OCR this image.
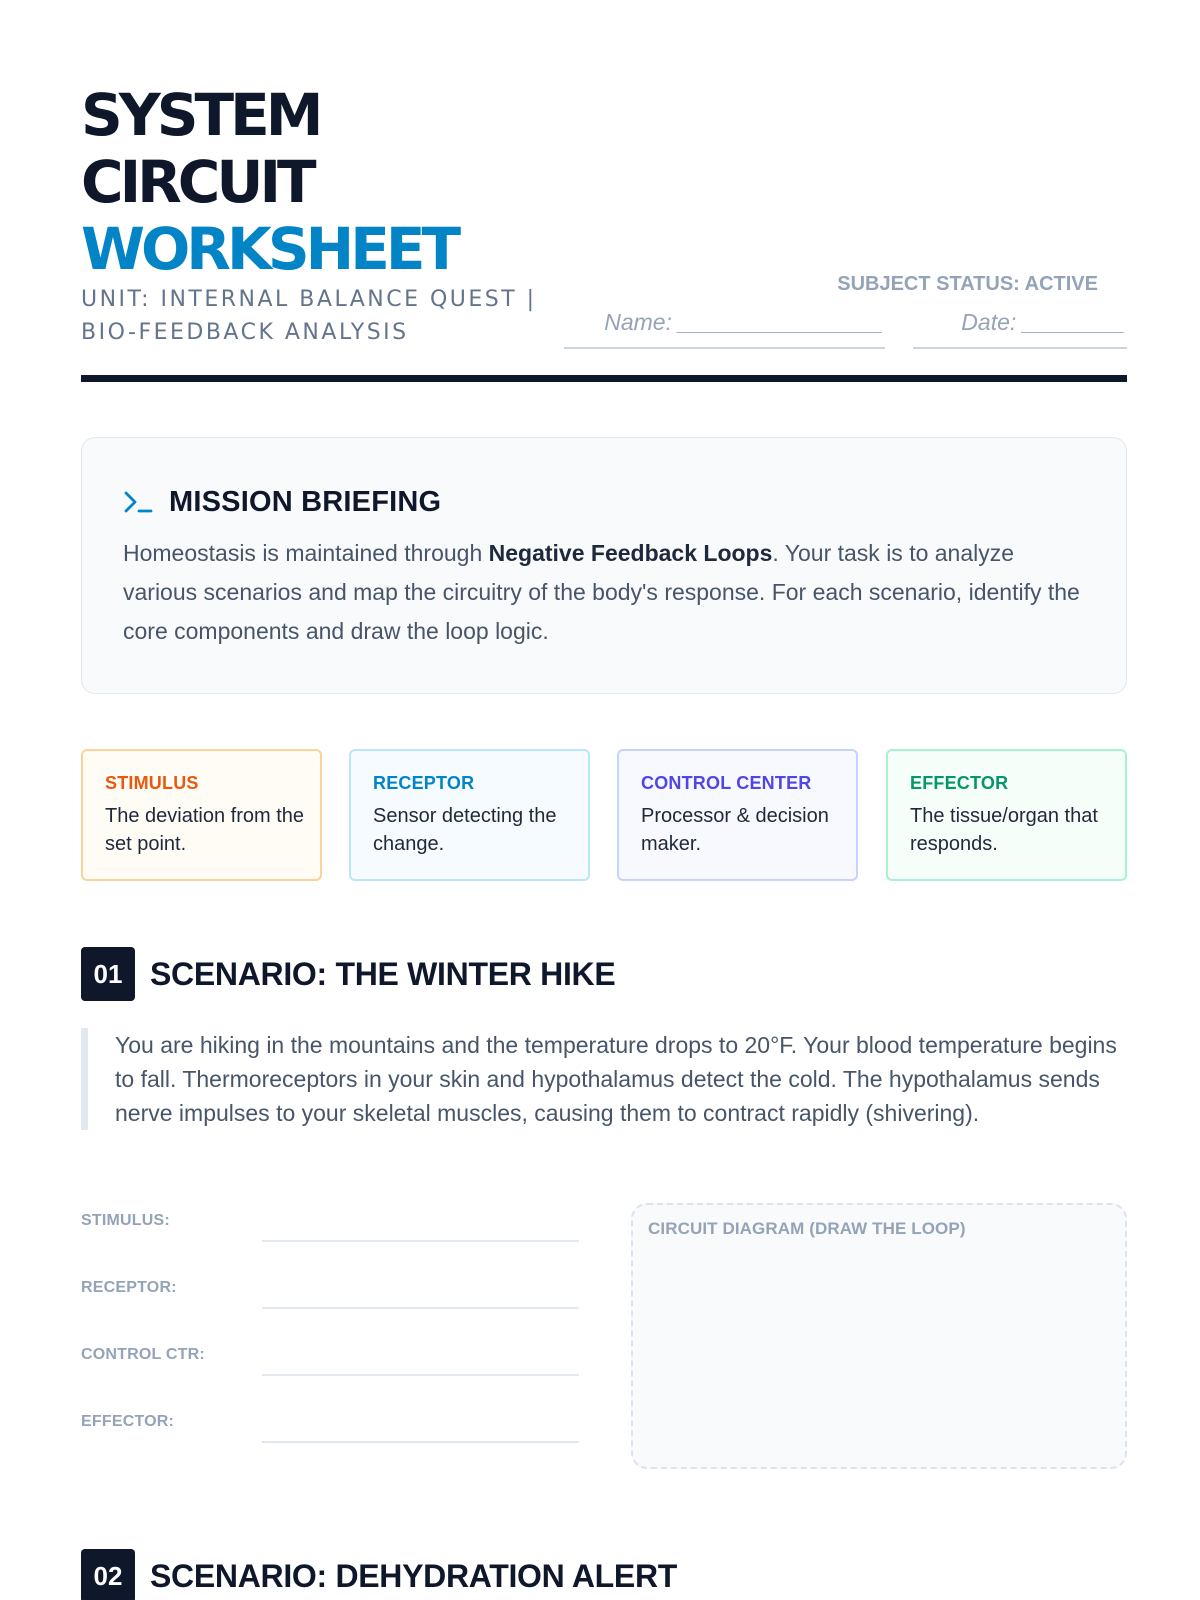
SYSTEM
CIRCUIT
WORKSHEET
UNIT: INTERNAL BALANCE QUEST |
BIO-FEEDBACK ANALYSIS
SUBJECT STATUS: ACTIVE
Name: ________________	Date: ________
MISSION BRIEFING

Homeostasis is maintained through Negative Feedback Loops. Your task is to analyze various scenarios and map the circuitry of the body's response. For each scenario, identify the core components and draw the loop logic.

STIMULUS
The deviation from the set point.
RECEPTOR
Sensor detecting the change.
CONTROL CENTER
Processor & decision maker.
EFFECTOR
The tissue/organ that responds.
01 SCENARIO: THE WINTER HIKE

You are hiking in the mountains and the temperature drops to 20°F. Your blood temperature begins to fall. Thermoreceptors in your skin and hypothalamus detect the cold. The hypothalamus sends nerve impulses to your skeletal muscles, causing them to contract rapidly (shivering).

STIMULUS:
RECEPTOR:
CONTROL CTR:
EFFECTOR:
CIRCUIT DIAGRAM (DRAW THE LOOP)
02 SCENARIO: DEHYDRATION ALERT
